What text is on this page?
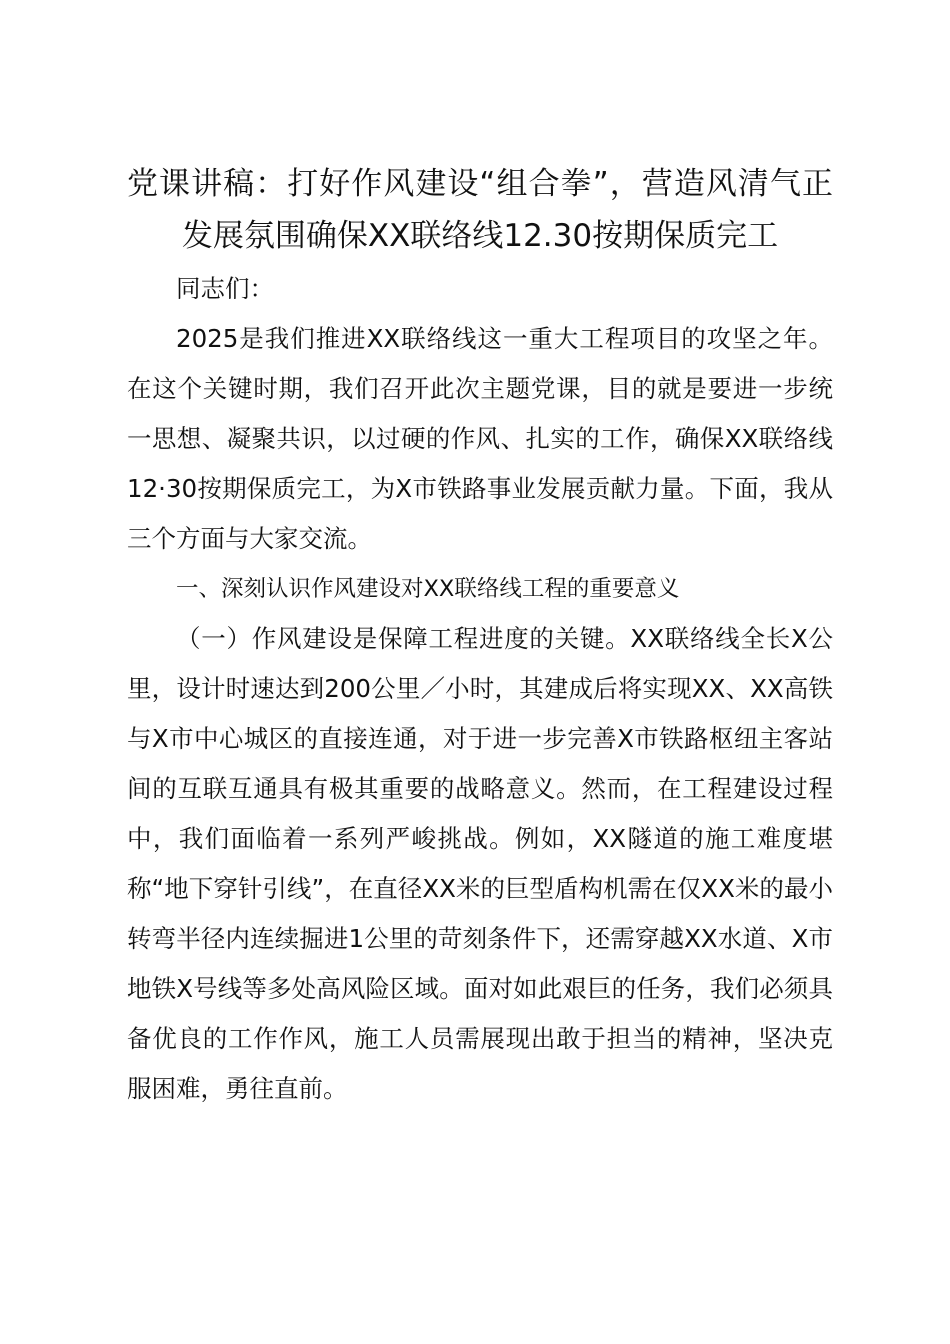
党课讲稿：打好作风建设“组合拳”，营造风清气正发展氛围确保XX联络线12.30按期保质完工

同志们：

2025是我们推进XX联络线这一重大工程项目的攻坚之年。在这个关键时期，我们召开此次主题党课，目的就是要进一步统一思想、凝聚共识，以过硬的作风、扎实的工作，确保XX联络线12·30按期保质完工，为X市铁路事业发展贡献力量。下面，我从三个方面与大家交流。

一、深刻认识作风建设对XX联络线工程的重要意义

（一）作风建设是保障工程进度的关键。XX联络线全长X公里，设计时速达到200公里／小时，其建成后将实现XX、XX高铁与X市中心城区的直接连通，对于进一步完善X市铁路枢纽主客站间的互联互通具有极其重要的战略意义。然而，在工程建设过程中，我们面临着一系列严峻挑战。例如，XX隧道的施工难度堪称“地下穿针引线”，在直径XX米的巨型盾构机需在仅XX米的最小转弯半径内连续掘进1公里的苛刻条件下，还需穿越XX水道、X市地铁X号线等多处高风险区域。面对如此艰巨的任务，我们必须具备优良的工作作风，施工人员需展现出敢于担当的精神，坚决克服困难，勇往直前。
